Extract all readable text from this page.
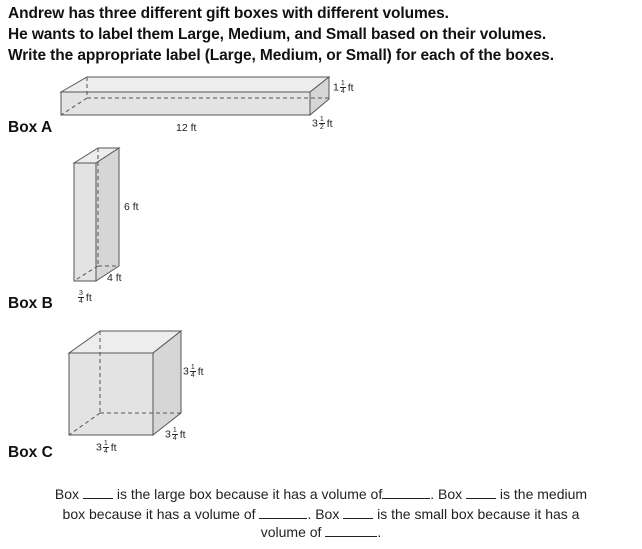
Andrew has three different gift boxes with different volumes.
He wants to label them Large, Medium, and Small based on their volumes.
Write the appropriate label (Large, Medium, or Small) for each of the boxes.
$1 \frac{1}{4}$ ft
12 ft	$3 \frac{1}{2}$ ft
Box A
6 ft
4 ft
$\frac{3}{4}$ ft
Box B
$3 \frac{1}{4}$ ft
$3 \frac{1}{4}$ ft
$3 \frac{1}{4}$ ft
Box C
Box	is the large box because it has a volume of	. Box	is the medium
box because it has a volume of	. Box	is the small box because it has a
volume of	.
